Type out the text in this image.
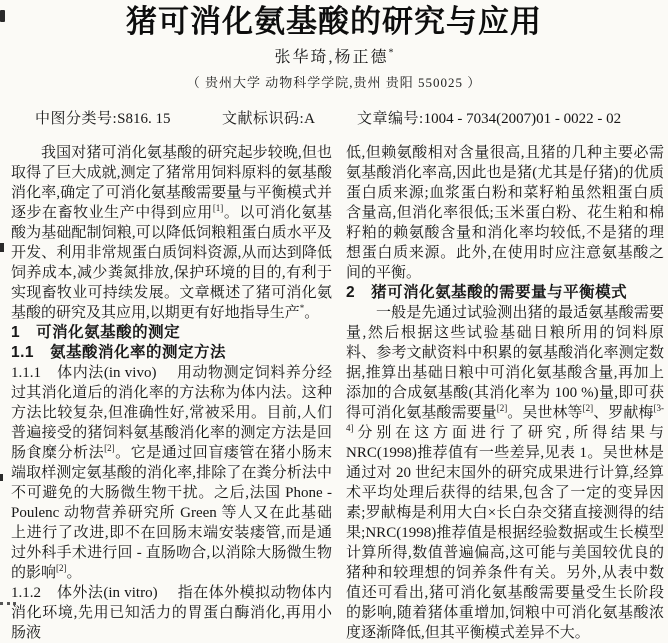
猪可消化氨基酸的研究与应用
张华琦,杨正德*
（ 贵州大学 动物科学学院,贵州 贵阳 550025 ）
中图分类号:S816. 15	文献标识码:A	文章编号:1004 - 7034(2007)01 - 0022 - 02

我国对猪可消化氨基酸的研究起步较晚,但也取得了巨大成就,测定了猪常用饲料原料的氨基酸消化率,确定了可消化氨基酸需要量与平衡模式并逐步在畜牧业生产中得到应用[1]。以可消化氨基酸为基础配制饲粮,可以降低饲粮粗蛋白质水平及开发、利用非常规蛋白质饲料资源,从而达到降低饲养成本,减少粪氮排放,保护环境的目的,有利于实现畜牧业可持续发展。文章概述了猪可消化氨基酸的研究及其应用,以期更有好地指导生产*。

1　可消化氨基酸的测定
1.1　氨基酸消化率的测定方法

1.1.1　体内法(in vivo)　 用动物测定饲料养分经过其消化道后的消化率的方法称为体内法。这种方法比较复杂,但准确性好,常被采用。目前,人们普遍接受的猪饲料氨基酸消化率的测定方法是回肠食糜分析法[2]。它是通过回盲瘘管在猪小肠末端取样测定氨基酸的消化率,排除了在粪分析法中不可避免的大肠微生物干扰。之后,法国 Phone - Poulenc 动物营养研究所 Green 等人又在此基础上进行了改进,即不在回肠末端安装瘘管,而是通过外科手术进行回 - 直肠吻合,以消除大肠微生物的影响[2]。

1.1.2　体外法(in vitro)　 指在体外模拟动物体内消化环境,先用已知活力的胃蛋白酶消化,再用小肠液

低,但赖氨酸相对含量很高,且猪的几种主要必需氨基酸消化率高,因此也是猪(尤其是仔猪)的优质蛋白质来源;血浆蛋白粉和菜籽粕虽然粗蛋白质含量高,但消化率很低;玉米蛋白粉、花生粕和棉籽粕的赖氨酸含量和消化率均较低,不是猪的理想蛋白质来源。此外,在使用时应注意氨基酸之间的平衡。

2　猪可消化氨基酸的需要量与平衡模式

一般是先通过试验测出猪的最适氨基酸需要量,然后根据这些试验基础日粮所用的饲料原料、参考文献资料中积累的氨基酸消化率测定数据,推算出基础日粮中可消化氨基酸含量,再加上添加的合成氨基酸(其消化率为 100 %)量,即可获得可消化氨基酸需要量[2]。吴世林等[2]、罗献梅[3-4]分别在这方面进行了研究,所得结果与 NRC(1998)推荐值有一些差异,见表 1。吴世林是通过对 20 世纪末国外的研究成果进行计算,经算术平均处理后获得的结果,包含了一定的变异因素;罗献梅是利用大白×长白杂交猪直接测得的结果;NRC(1998)推荐值是根据经验数据或生长模型计算所得,数值普遍偏高,这可能与美国较优良的猪种和较理想的饲养条件有关。另外,从表中数值还可看出,猪可消化氨基酸需要量受生长阶段的影响,随着猪体重增加,饲粮中可消化氨基酸浓度逐渐降低,但其平衡模式差异不大。
